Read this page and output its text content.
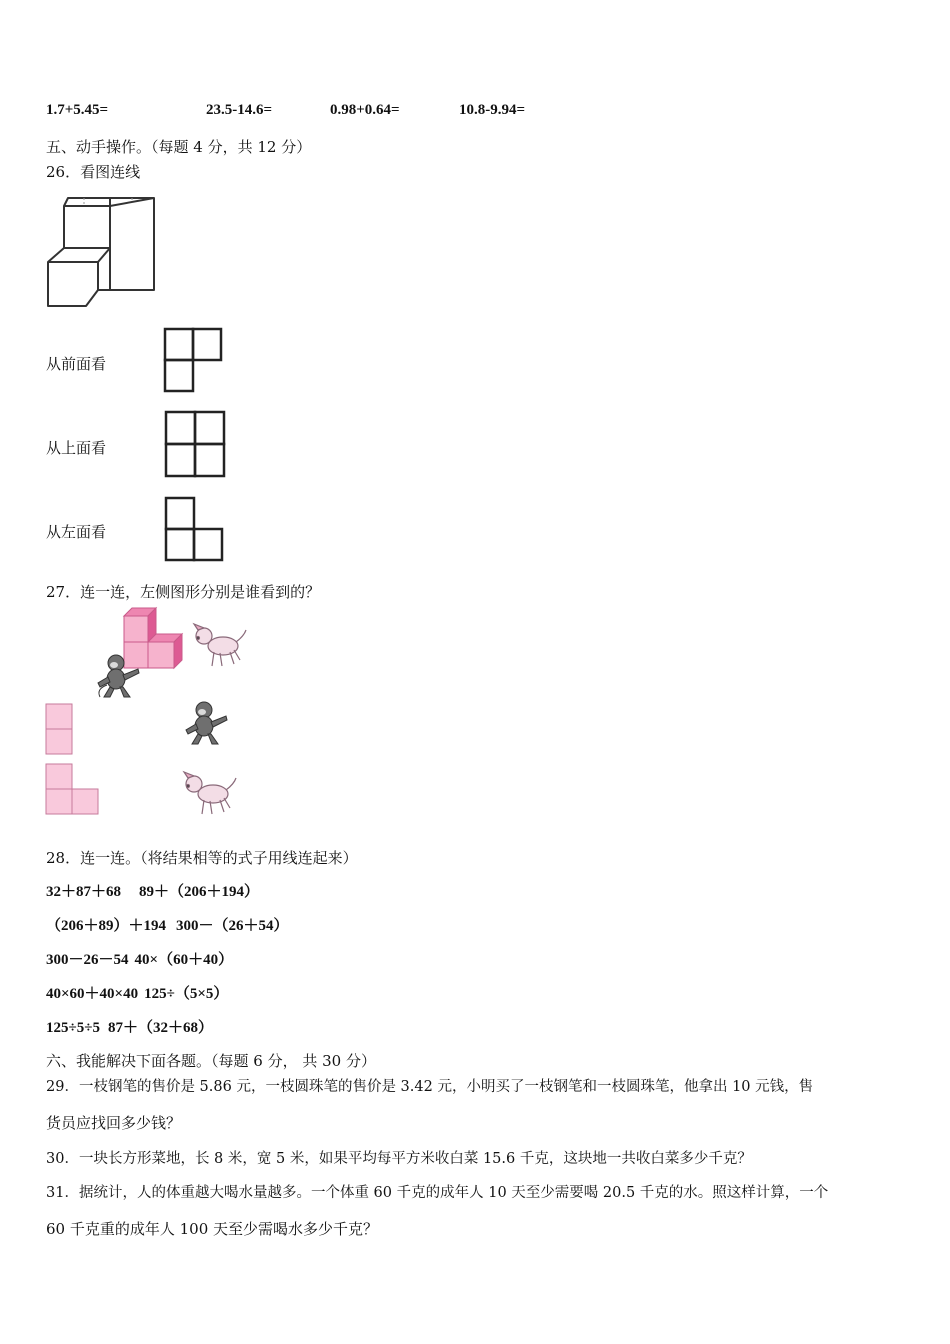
1.7+5.45=	23.5-14.6=	0.98+0.64=	10.8-9.94=
五、动手操作。（每题 4 分，共 12 分）
26．看图连线
从前面看
从上面看
从左面看
27．连一连，左侧图形分别是谁看到的？
28．连一连。（将结果相等的式子用线连起来）
32＋87＋68 89＋（206＋194）
（206＋89）＋194 300－（26＋54）
300－26－54 40×（60＋40）
40×60＋40×40 125÷（5×5）
125÷5÷5 87＋（32＋68）
六、我能解决下面各题。（每题 6 分， 共 30 分）
29．一枝钢笔的售价是 5.86 元，一枝圆珠笔的售价是 3.42 元，小明买了一枝钢笔和一枝圆珠笔，他拿出 10 元钱，售
货员应找回多少钱？
30．一块长方形菜地，长 8 米，宽 5 米，如果平均每平方米收白菜 15.6 千克，这块地一共收白菜多少千克？
31．据统计，人的体重越大喝水量越多。一个体重 60 千克的成年人 10 天至少需要喝 20.5 千克的水。照这样计算，一个
60 千克重的成年人 100 天至少需喝水多少千克？
